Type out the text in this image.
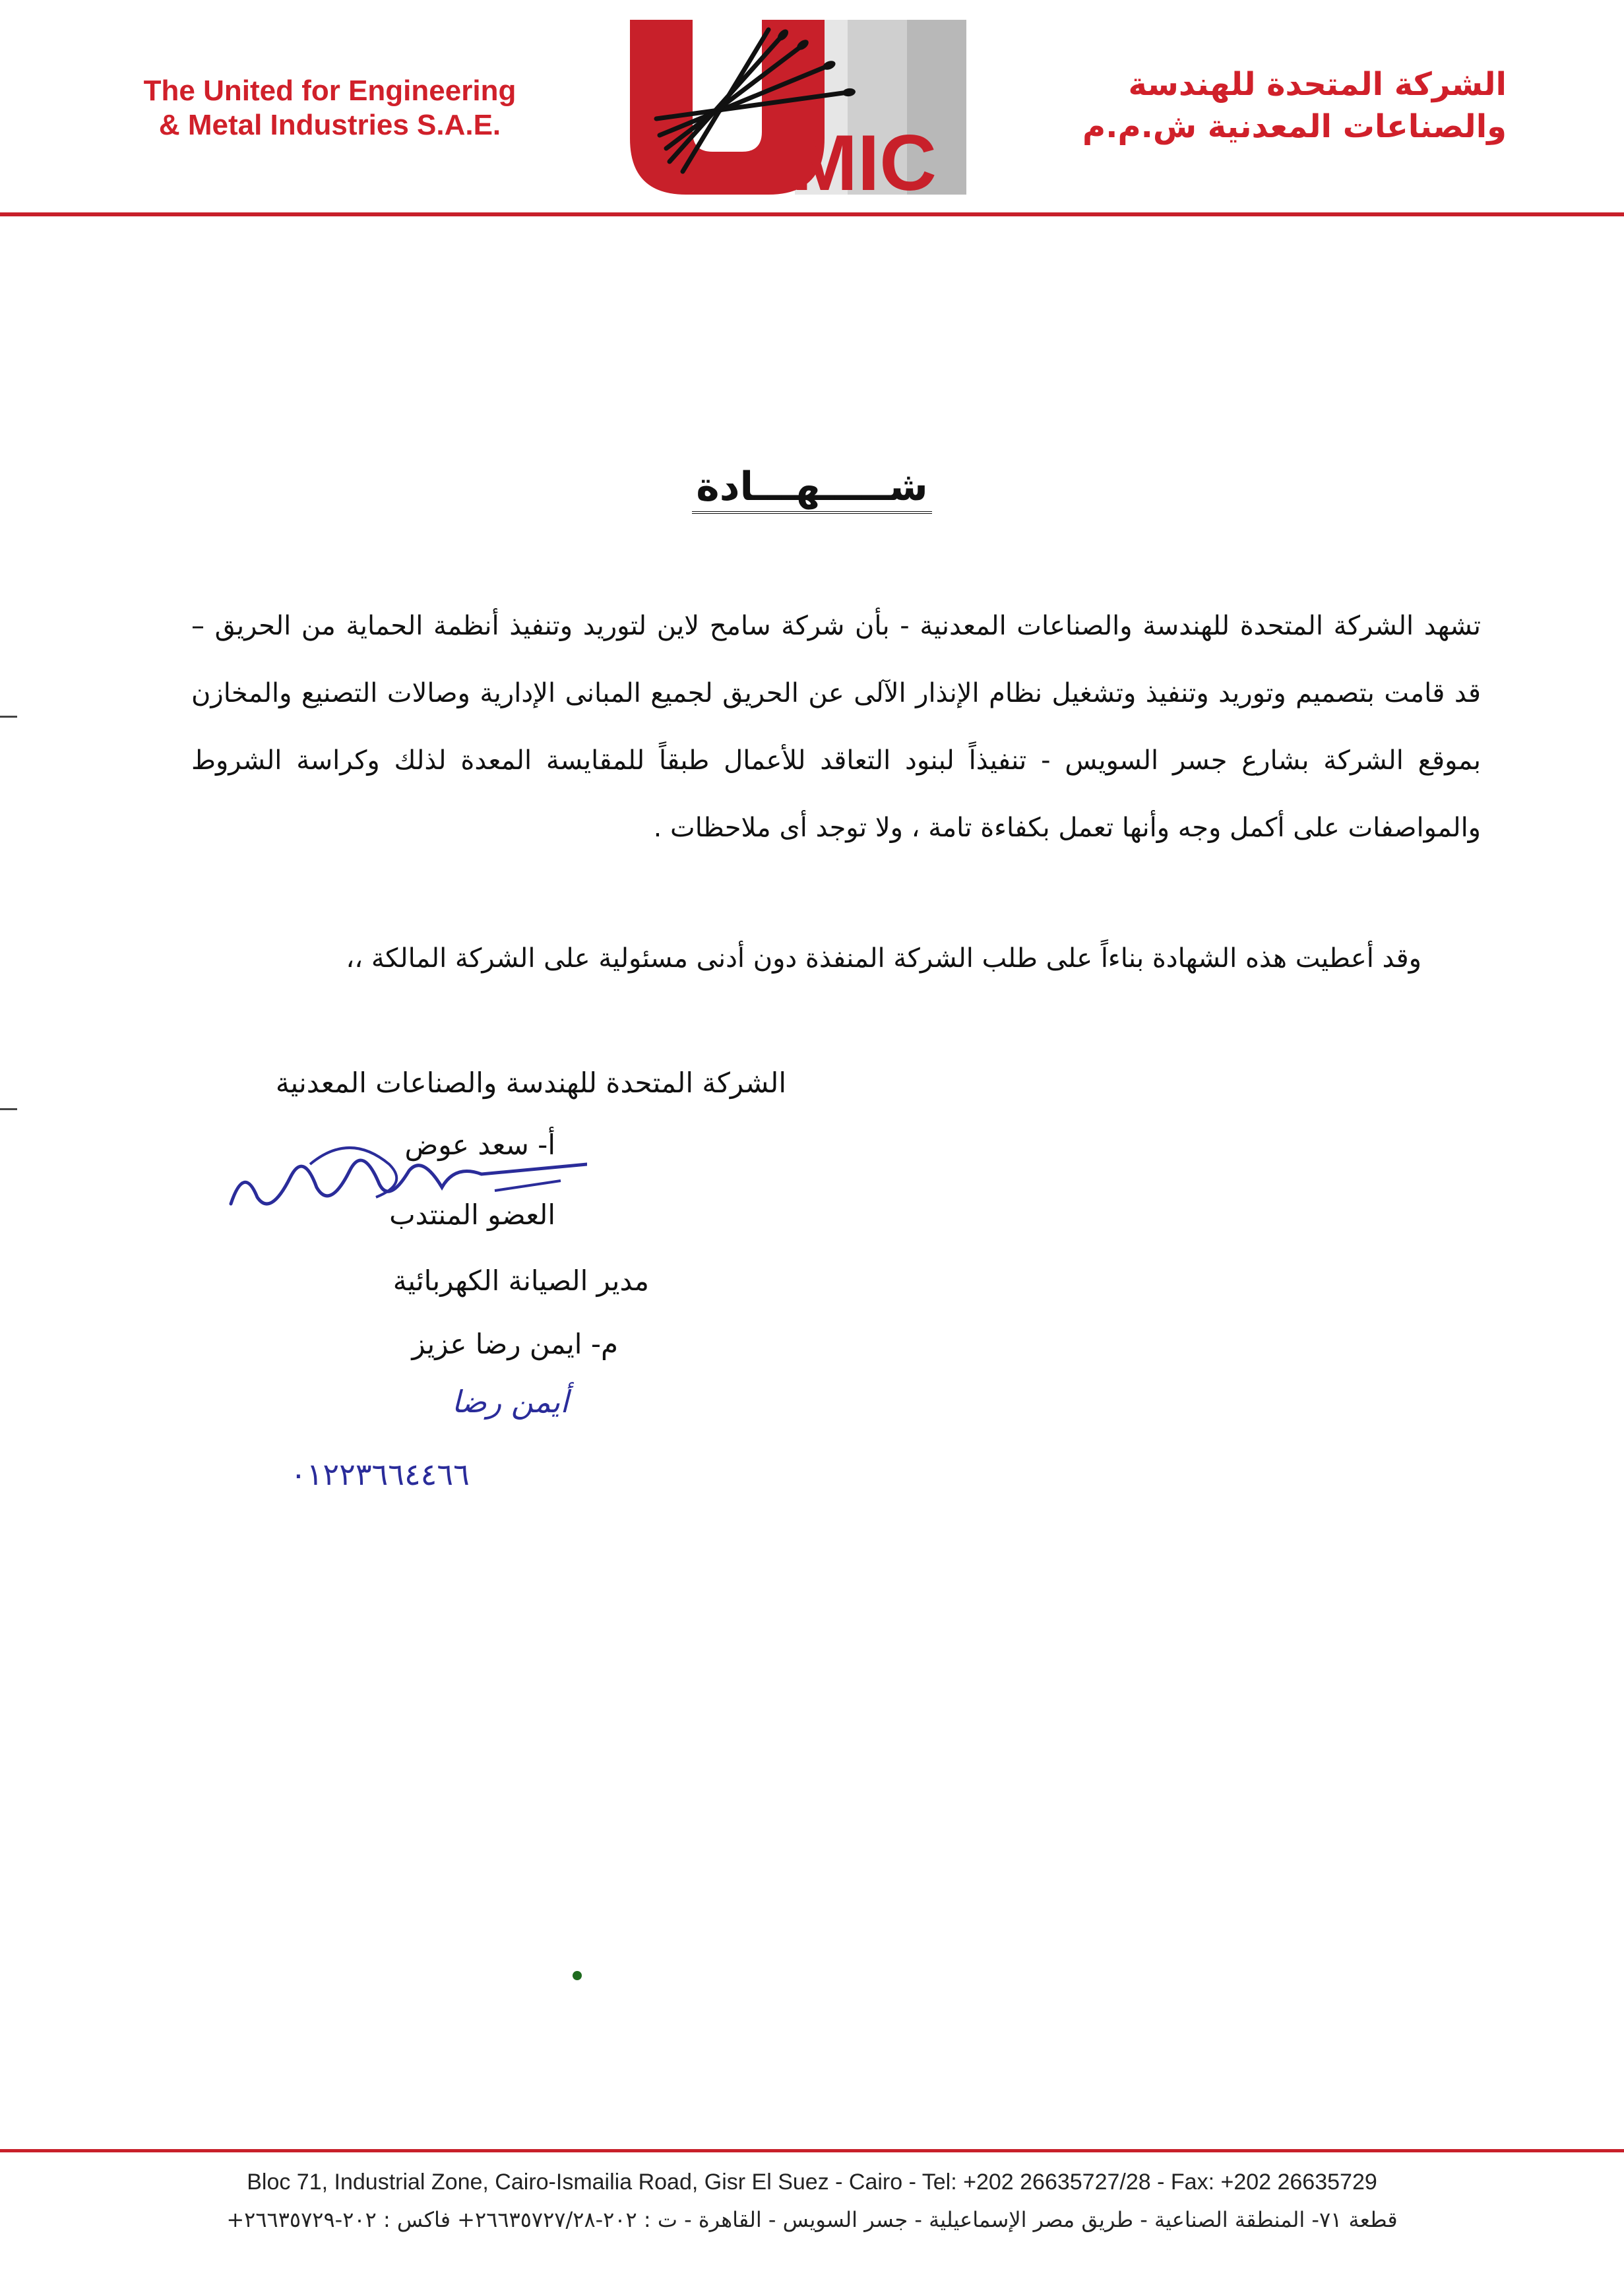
The United for Engineering
& Metal Industries S.A.E.	MIC
الشركة المتحدة للهندسة
والصناعات المعدنية ش.م.م
شـــــهـــادة

تشهد الشركة المتحدة للهندسة والصناعات المعدنية - بأن شركة سامح لاين لتوريد وتنفيذ أنظمة الحماية من الحريق – قد قامت بتصميم وتوريد وتنفيذ وتشغيل نظام الإنذار الآلى عن الحريق لجميع المبانى الإدارية وصالات التصنيع والمخازن بموقع الشركة بشارع جسر السويس - تنفيذاً لبنود التعاقد للأعمال طبقاً للمقايسة المعدة لذلك وكراسة الشروط والمواصفات على أكمل وجه وأنها تعمل بكفاءة تامة ، ولا توجد أى ملاحظات .

وقد أعطيت هذه الشهادة بناءاً على طلب الشركة المنفذة دون أدنى مسئولية على الشركة المالكة ،،
الشركة المتحدة للهندسة والصناعات المعدنية
أ- سعد عوض
العضو المنتدب
مدير الصيانة الكهربائية
م- ايمن رضا عزيز
أيمن رضا
٠١٢٢٣٦٦٤٤٦٦
Bloc 71, Industrial Zone, Cairo-Ismailia Road, Gisr El Suez - Cairo - Tel: +202 26635727/28 - Fax: +202 26635729
قطعة ٧١- المنطقة الصناعية - طريق مصر الإسماعيلية - جسر السويس - القاهرة - ت : ٢٠٢-٢٦٦٣٥٧٢٧/٢٨+ فاكس : ٢٠٢-٢٦٦٣٥٧٢٩+
